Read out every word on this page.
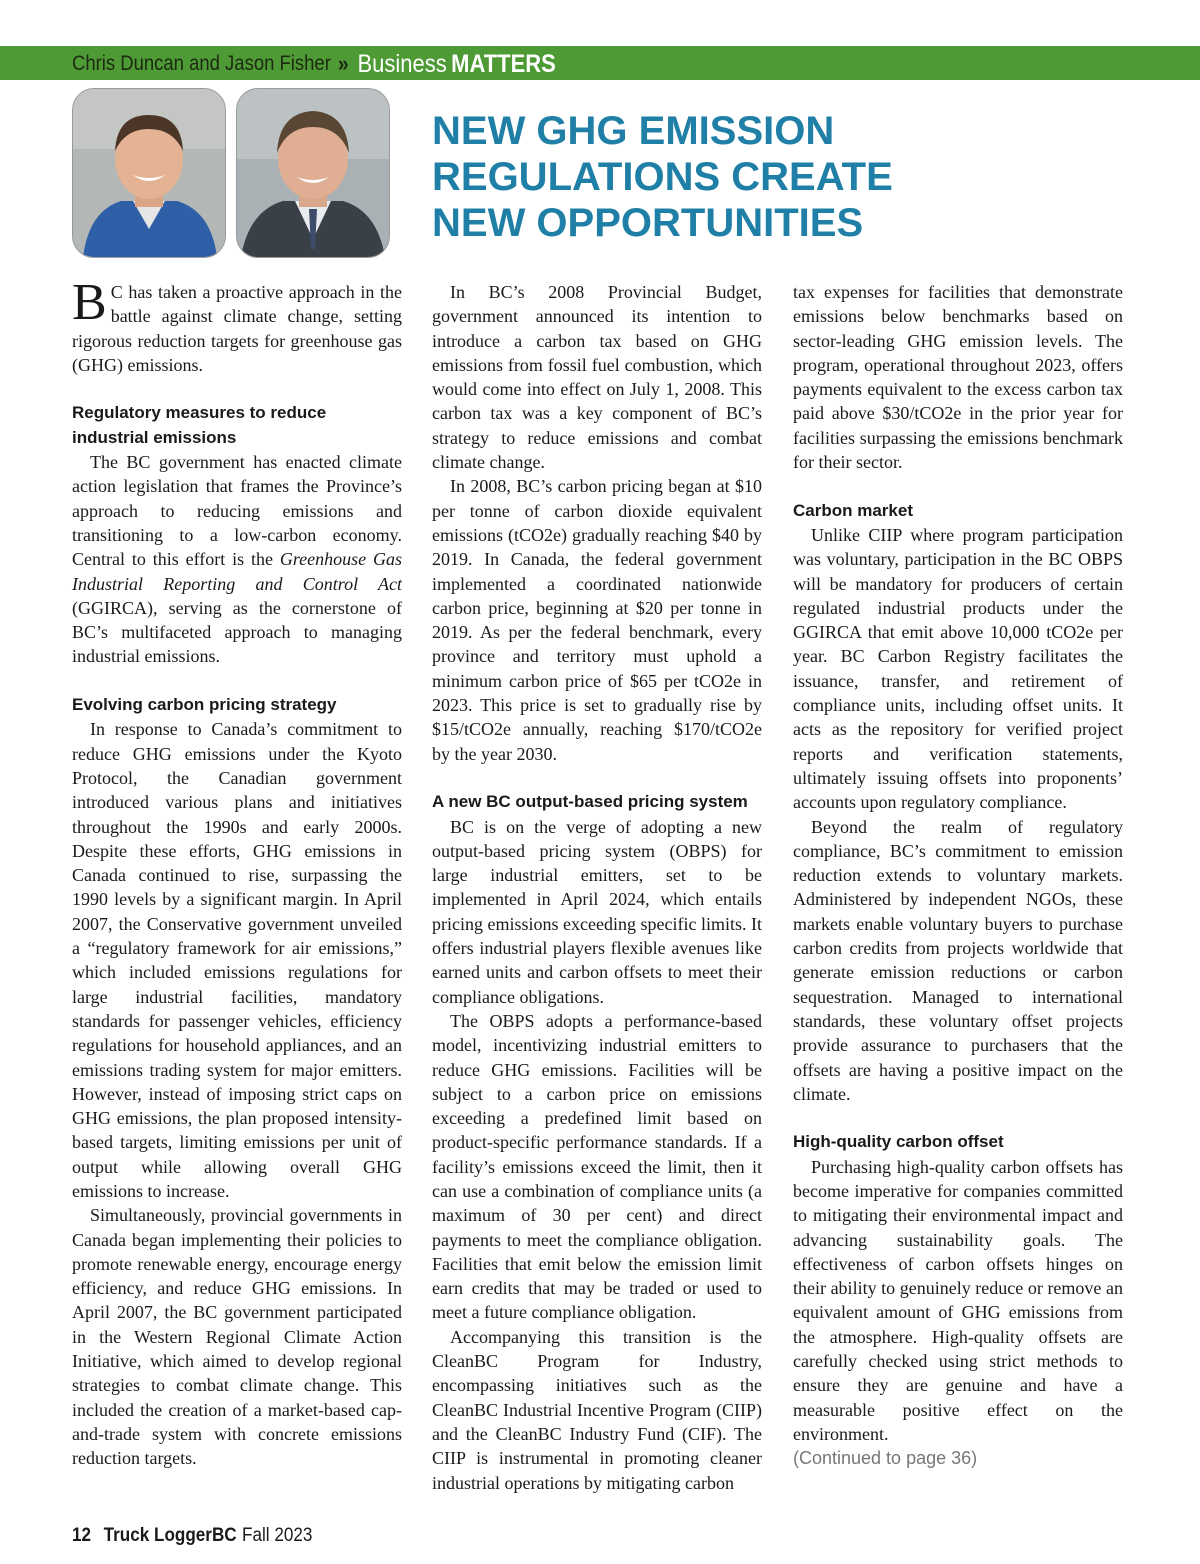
Chris Duncan and Jason Fisher » Business MATTERS
NEW GHG EMISSION
REGULATIONS CREATE
NEW OPPORTUNITIES

B C has taken a proactive approach in the battle against climate change, setting rigorous reduction targets for greenhouse gas (GHG) emissions.

Regulatory measures to reduce industrial emissions

The BC government has enacted climate action legislation that frames the Province’s approach to reducing emissions and transitioning to a low-carbon economy. Central to this effort is the Greenhouse Gas Industrial Reporting and Control Act (GGIRCA), serving as the cornerstone of BC’s multifaceted approach to managing industrial emissions.

Evolving carbon pricing strategy

In response to Canada’s commitment to reduce GHG emissions under the Kyoto Protocol, the Canadian government introduced various plans and initiatives throughout the 1990s and early 2000s. Despite these efforts, GHG emissions in Canada continued to rise, surpassing the 1990 levels by a significant margin. In April 2007, the Conservative government unveiled a “regulatory framework for air emissions,” which included emissions regulations for large industrial facilities, mandatory standards for passenger vehicles, efficiency regulations for household appliances, and an emissions trading system for major emitters. However, instead of imposing strict caps on GHG emissions, the plan proposed intensity-based targets, limiting emissions per unit of output while allowing overall GHG emissions to increase.

Simultaneously, provincial governments in Canada began implementing their policies to promote renewable energy, encourage energy efficiency, and reduce GHG emissions. In April 2007, the BC government participated in the Western Regional Climate Action Initiative, which aimed to develop regional strategies to combat climate change. This included the creation of a market-based cap-and-trade system with concrete emissions reduction targets.

In BC’s 2008 Provincial Budget, government announced its intention to introduce a carbon tax based on GHG emissions from fossil fuel combustion, which would come into effect on July 1, 2008. This carbon tax was a key component of BC’s strategy to reduce emissions and combat climate change.

In 2008, BC’s carbon pricing began at $10 per tonne of carbon dioxide equivalent emissions (tCO2e) gradually reaching $40 by 2019. In Canada, the federal government implemented a coordinated nationwide carbon price, beginning at $20 per tonne in 2019. As per the federal benchmark, every province and territory must uphold a minimum carbon price of $65 per tCO2e in 2023. This price is set to gradually rise by $15/tCO2e annually, reaching $170/tCO2e by the year 2030.

A new BC output-based pricing system

BC is on the verge of adopting a new output-based pricing system (OBPS) for large industrial emitters, set to be implemented in April 2024, which entails pricing emissions exceeding specific limits. It offers industrial players flexible avenues like earned units and carbon offsets to meet their compliance obligations.

The OBPS adopts a performance-based model, incentivizing industrial emitters to reduce GHG emissions. Facilities will be subject to a carbon price on emissions exceeding a predefined limit based on product-specific performance standards. If a facility’s emissions exceed the limit, then it can use a combination of compliance units (a maximum of 30 per cent) and direct payments to meet the compliance obligation. Facilities that emit below the emission limit earn credits that may be traded or used to meet a future compliance obligation.

Accompanying this transition is the CleanBC Program for Industry, encompassing initiatives such as the CleanBC Industrial Incentive Program (CIIP) and the CleanBC Industry Fund (CIF). The CIIP is instrumental in promoting cleaner industrial operations by mitigating carbon

tax expenses for facilities that demonstrate emissions below benchmarks based on sector-leading GHG emission levels. The program, operational throughout 2023, offers payments equivalent to the excess carbon tax paid above $30/tCO2e in the prior year for facilities surpassing the emissions benchmark for their sector.

Carbon market

Unlike CIIP where program participation was voluntary, participation in the BC OBPS will be mandatory for producers of certain regulated industrial products under the GGIRCA that emit above 10,000 tCO2e per year. BC Carbon Registry facilitates the issuance, transfer, and retirement of compliance units, including offset units. It acts as the repository for verified project reports and verification statements, ultimately issuing offsets into proponents’ accounts upon regulatory compliance.

Beyond the realm of regulatory compliance, BC’s commitment to emission reduction extends to voluntary markets. Administered by independent NGOs, these markets enable voluntary buyers to purchase carbon credits from projects worldwide that generate emission reductions or carbon sequestration. Managed to international standards, these voluntary offset projects provide assurance to purchasers that the offsets are having a positive impact on the climate.

High-quality carbon offset

Purchasing high-quality carbon offsets has become imperative for companies committed to mitigating their environmental impact and advancing sustainability goals. The effectiveness of carbon offsets hinges on their ability to genuinely reduce or remove an equivalent amount of GHG emissions from the atmosphere. High-quality offsets are carefully checked using strict methods to ensure they are genuine and have a measurable positive effect on the environment.

(Continued to page 36)
12 Truck LoggerBC Fall 2023
